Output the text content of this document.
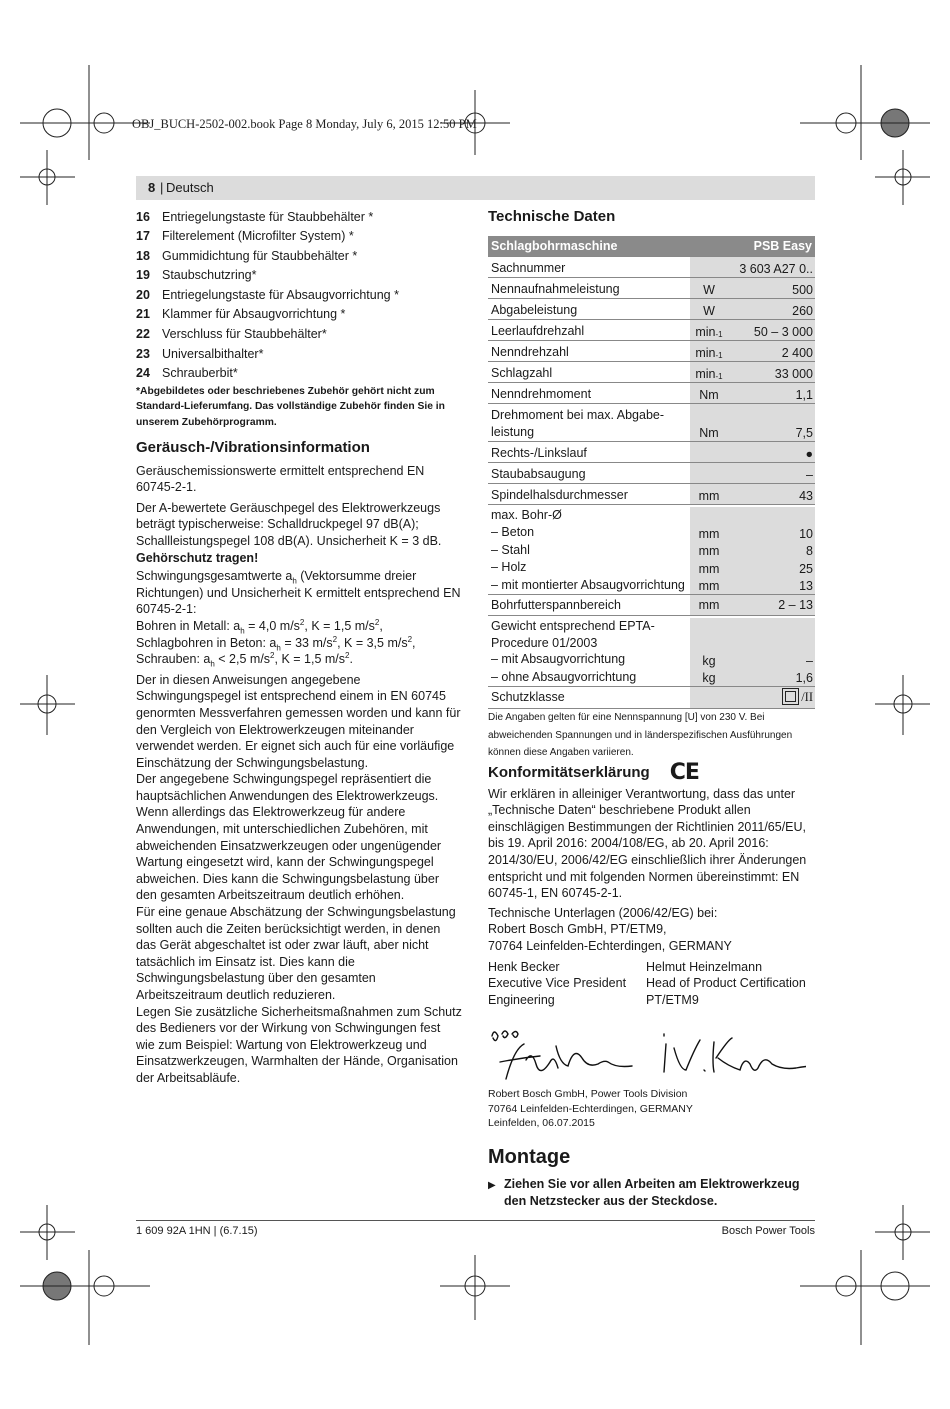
OBJ_BUCH-2502-002.book Page 8 Monday, July 6, 2015 12:50 PM
8 | Deutsch
16 Entriegelungstaste für Staubbehälter *
17 Filterelement (Microfilter System) *
18 Gummidichtung für Staubbehälter *
19 Staubschutzring*
20 Entriegelungstaste für Absaugvorrichtung *
21 Klammer für Absaugvorrichtung *
22 Verschluss für Staubbehälter*
23 Universalbithalter*
24 Schrauberbit*
*Abgebildetes oder beschriebenes Zubehör gehört nicht zum Standard-Lieferumfang. Das vollständige Zubehör finden Sie in unserem Zubehörprogramm.
Geräusch-/Vibrationsinformation

Geräuschemissionswerte ermittelt entsprechend EN 60745-2-1.

Der A-bewertete Geräuschpegel des Elektrowerkzeugs beträgt typischerweise: Schalldruckpegel 97 dB(A); Schallleistungspegel 108 dB(A). Unsicherheit K = 3 dB.

Gehörschutz tragen!

Schwingungsgesamtwerte $a_h$ (Vektorsumme dreier Richtungen) und Unsicherheit K ermittelt entsprechend EN 60745-2-1:

Bohren in Metall: $a_h = 4,0$ $m/s^2$, K = 1,5 $m/s^2$,

Schlagbohren in Beton: $a_h = 33$ $m/s^2$, K = 3,5 $m/s^2$,

Schrauben: $a_h < 2,5$ $m/s^2$, K = 1,5 $m/s^2$.

Der in diesen Anweisungen angegebene Schwingungspegel ist entsprechend einem in EN 60745 genormten Messverfahren gemessen worden und kann für den Vergleich von Elektrowerkzeugen miteinander verwendet werden. Er eignet sich auch für eine vorläufige Einschätzung der Schwingungsbelastung.

Der angegebene Schwingungspegel repräsentiert die hauptsächlichen Anwendungen des Elektrowerkzeugs. Wenn allerdings das Elektrowerkzeug für andere Anwendungen, mit unterschiedlichen Zubehören, mit abweichenden Einsatzwerkzeugen oder ungenügender Wartung eingesetzt wird, kann der Schwingungspegel abweichen. Dies kann die Schwingungsbelastung über den gesamten Arbeitszeitraum deutlich erhöhen.

Für eine genaue Abschätzung der Schwingungsbelastung sollten auch die Zeiten berücksichtigt werden, in denen das Gerät abgeschaltet ist oder zwar läuft, aber nicht tatsächlich im Einsatz ist. Dies kann die Schwingungsbelastung über den gesamten Arbeitszeitraum deutlich reduzieren.

Legen Sie zusätzliche Sicherheitsmaßnahmen zum Schutz des Bedieners vor der Wirkung von Schwingungen fest wie zum Beispiel: Wartung von Elektrowerkzeug und Einsatzwerkzeugen, Warmhalten der Hände, Organisation der Arbeitsabläufe.

Technische Daten
Schlagbohrmaschine	PSB Easy
Sachnummer	3 603 A27 0..
Nennaufnahmeleistung	W	500
Abgabeleistung	W	260
Leerlaufdrehzahl	$\min^{-1}$	50 – 3 000
Nenndrehzahl	$\min^{-1}$	2 400
Schlagzahl	$\min^{-1}$	33 000
Nenndrehmoment	Nm	1,1
Drehmoment bei max. Abgabe-
leistung	Nm	7,5
Rechts-/Linkslauf	●
Staubabsaugung	–
Spindelhalsdurchmesser	mm	43
max. Bohr-Ø
– Beton	mm	10
– Stahl	mm	8
– Holz	mm	25
– mit montierter Absaugvorrichtung	mm	13
Bohrfutterspannbereich	mm	2 – 13
Gewicht entsprechend EPTA-Procedure 01/2003
– mit Absaugvorrichtung	kg	–
– ohne Absaugvorrichtung	kg	1,6
Schutzklasse	/II
Die Angaben gelten für eine Nennspannung [U] von 230 V. Bei abweichenden Spannungen und in länderspezifischen Ausführungen können diese Angaben variieren.
Konformitätserklärung CE

Wir erklären in alleiniger Verantwortung, dass das unter „Technische Daten“ beschriebene Produkt allen einschlägigen Bestimmungen der Richtlinien 2011/65/EU, bis 19. April 2016: 2004/108/EG, ab 20. April 2016: 2014/30/EU, 2006/42/EG einschließlich ihrer Änderungen entspricht und mit folgenden Normen übereinstimmt: EN 60745-1, EN 60745-2-1.

Technische Unterlagen (2006/42/EG) bei:
Robert Bosch GmbH, PT/ETM9,
70764 Leinfelden-Echterdingen, GERMANY

Henk Becker
Executive Vice President
Engineering
Helmut Heinzelmann
Head of Product Certification
PT/ETM9
Robert Bosch GmbH, Power Tools Division
70764 Leinfelden-Echterdingen, GERMANY
Leinfelden, 06.07.2015
Montage
▶ Ziehen Sie vor allen Arbeiten am Elektrowerkzeug den Netzstecker aus der Steckdose.
1 609 92A 1HN | (6.7.15)	Bosch Power Tools
